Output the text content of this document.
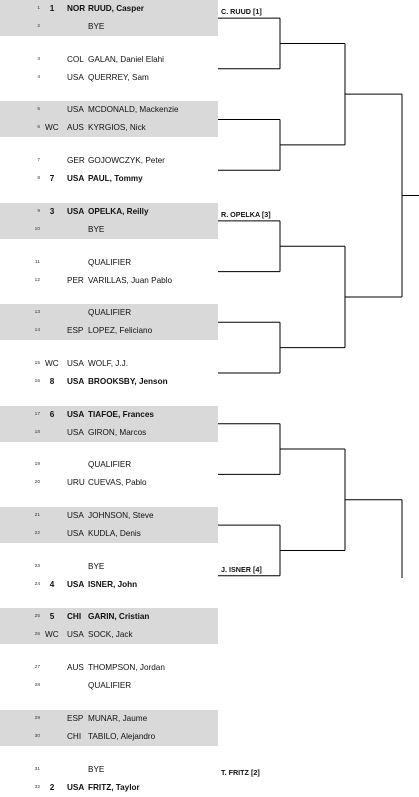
1	1	NOR RUUD, Casper
2	BYE
3	COL GALAN, Daniel Elahi
4	USA QUERREY, Sam
5	USA MCDONALD, Mackenzie
6 WC AUS KYRGIOS, Nick
7	GER GOJOWCZYK, Peter
8	7	USA PAUL, Tommy
9	3	USA OPELKA, Reilly
10	BYE
11	QUALIFIER
12	PER VARILLAS, Juan Pablo
13	QUALIFIER
14	ESP LOPEZ, Feliciano
15 WC USA WOLF, J.J.
16	8	USA BROOKSBY, Jenson
17	6	USA TIAFOE, Frances
18	USA GIRON, Marcos
19	QUALIFIER
20	URU CUEVAS, Pablo
21	USA JOHNSON, Steve
22	USA KUDLA, Denis
23	BYE
24	4	USA ISNER, John
25	5	CHI GARIN, Cristian
26 WC USA SOCK, Jack
27	AUS THOMPSON, Jordan
28	QUALIFIER
29	ESP MUNAR, Jaume
30	CHI TABILO, Alejandro
31	BYE
32	2	USA FRITZ, Taylor
C. RUUD [1]
R. OPELKA [3]
J. ISNER [4]
T. FRITZ [2]
